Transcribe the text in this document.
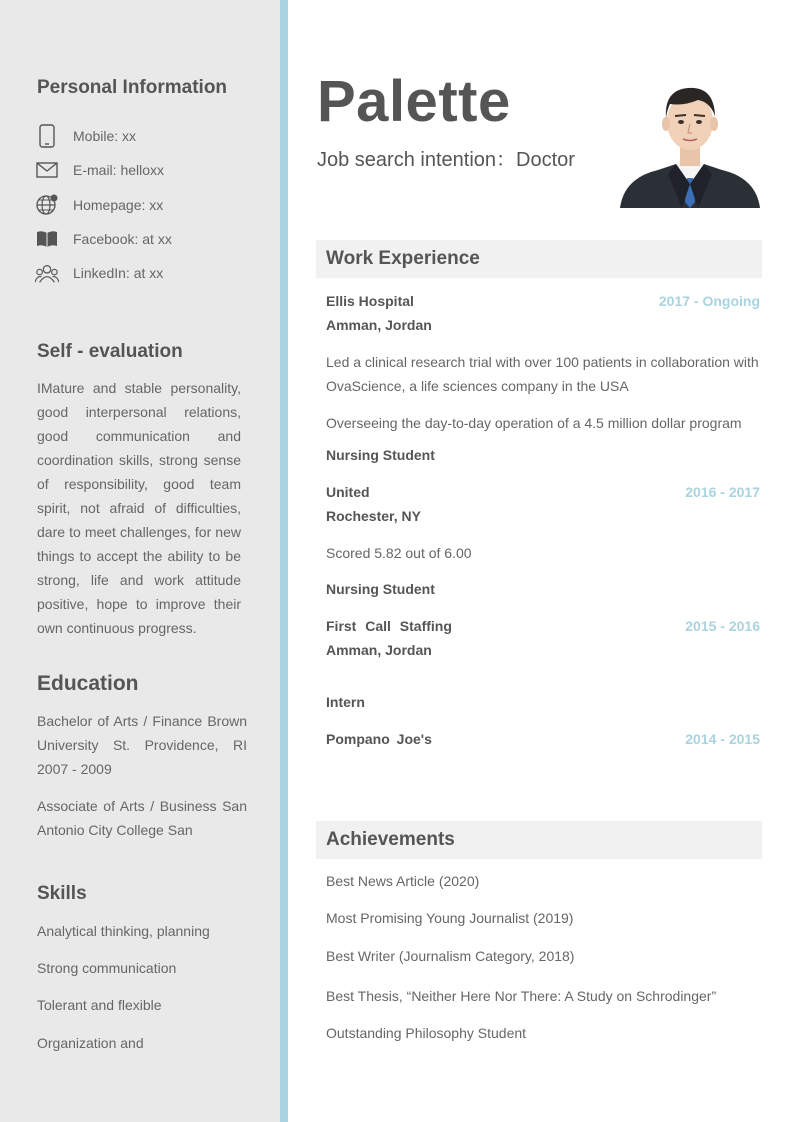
Personal Information
Mobile: xx
E-mail: helloxx
Homepage: xx
Facebook: at xx
LinkedIn: at xx
Self - evaluation

IMature and stable personality, good interpersonal relations, good communication and coordination skills, strong sense of responsibility, good team spirit, not afraid of difficulties, dare to meet challenges, for new things to accept the ability to be strong, life and work attitude positive, hope to improve their own continuous progress.

Education

Bachelor of Arts / Finance Brown University St. Providence, RI 2007 - 2009

Associate of Arts / Business San Antonio City College San

Skills
Analytical thinking, planning
Strong communication
Tolerant and flexible
Organization and
Palette
Job search intention：Doctor
Work Experience
Ellis Hospital	2017 - Ongoing
Amman, Jordan

Led a clinical research trial with over 100 patients in collaboration with OvaScience, a life sciences company in the USA

Overseeing the day-to-day operation of a 4.5 million dollar program

Nursing Student
United	2016 - 2017
Rochester, NY
Scored 5.82 out of 6.00
Nursing Student
First Call Staffing	2015 - 2016
Amman, Jordan
Intern
Pompano Joe's	2014 - 2015
Achievements
Best News Article (2020)
Most Promising Young Journalist (2019)
Best Writer (Journalism Category, 2018)
Best Thesis, “Neither Here Nor There: A Study on Schrodinger”
Outstanding Philosophy Student
